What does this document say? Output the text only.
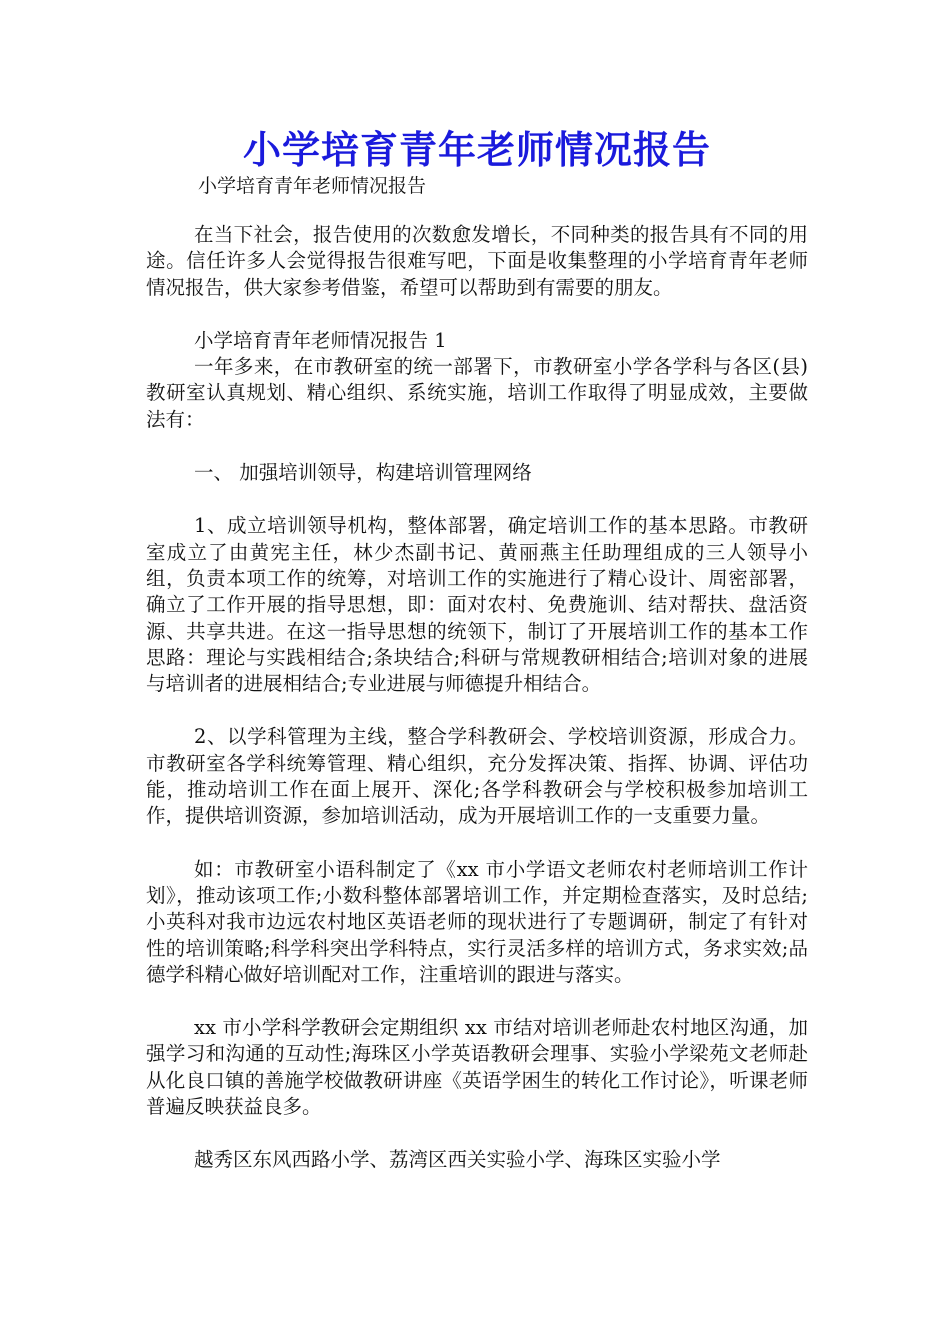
小学培育青年老师情况报告

小学培育青年老师情况报告

在当下社会，报告使用的次数愈发增长，不同种类的报告具有不同的用途。信任许多人会觉得报告很难写吧，下面是收集整理的小学培育青年老师情况报告，供大家参考借鉴，希望可以帮助到有需要的朋友。

小学培育青年老师情况报告 1

一年多来，在市教研室的统一部署下，市教研室小学各学科与各区(县)教研室认真规划、精心组织、系统实施，培训工作取得了明显成效，主要做法有：

一、 加强培训领导，构建培训管理网络

1、成立培训领导机构，整体部署，确定培训工作的基本思路。市教研室成立了由黄宪主任，林少杰副书记、黄丽燕主任助理组成的三人领导小组，负责本项工作的统筹，对培训工作的实施进行了精心设计、周密部署，确立了工作开展的指导思想，即：面对农村、免费施训、结对帮扶、盘活资源、共享共进。在这一指导思想的统领下，制订了开展培训工作的基本工作思路：理论与实践相结合;条块结合;科研与常规教研相结合;培训对象的进展与培训者的进展相结合;专业进展与师德提升相结合。

2、以学科管理为主线，整合学科教研会、学校培训资源，形成合力。市教研室各学科统筹管理、精心组织，充分发挥决策、指挥、协调、评估功能，推动培训工作在面上展开、深化;各学科教研会与学校积极参加培训工作，提供培训资源，参加培训活动，成为开展培训工作的一支重要力量。

如：市教研室小语科制定了《xx 市小学语文老师农村老师培训工作计划》，推动该项工作;小数科整体部署培训工作，并定期检查落实，及时总结;小英科对我市边远农村地区英语老师的现状进行了专题调研，制定了有针对性的培训策略;科学科突出学科特点，实行灵活多样的培训方式，务求实效;品德学科精心做好培训配对工作，注重培训的跟进与落实。

xx 市小学科学教研会定期组织 xx 市结对培训老师赴农村地区沟通，加强学习和沟通的互动性;海珠区小学英语教研会理事、实验小学梁苑文老师赴从化良口镇的善施学校做教研讲座《英语学困生的转化工作讨论》，听课老师普遍反映获益良多。

越秀区东风西路小学、荔湾区西关实验小学、海珠区实验小学
